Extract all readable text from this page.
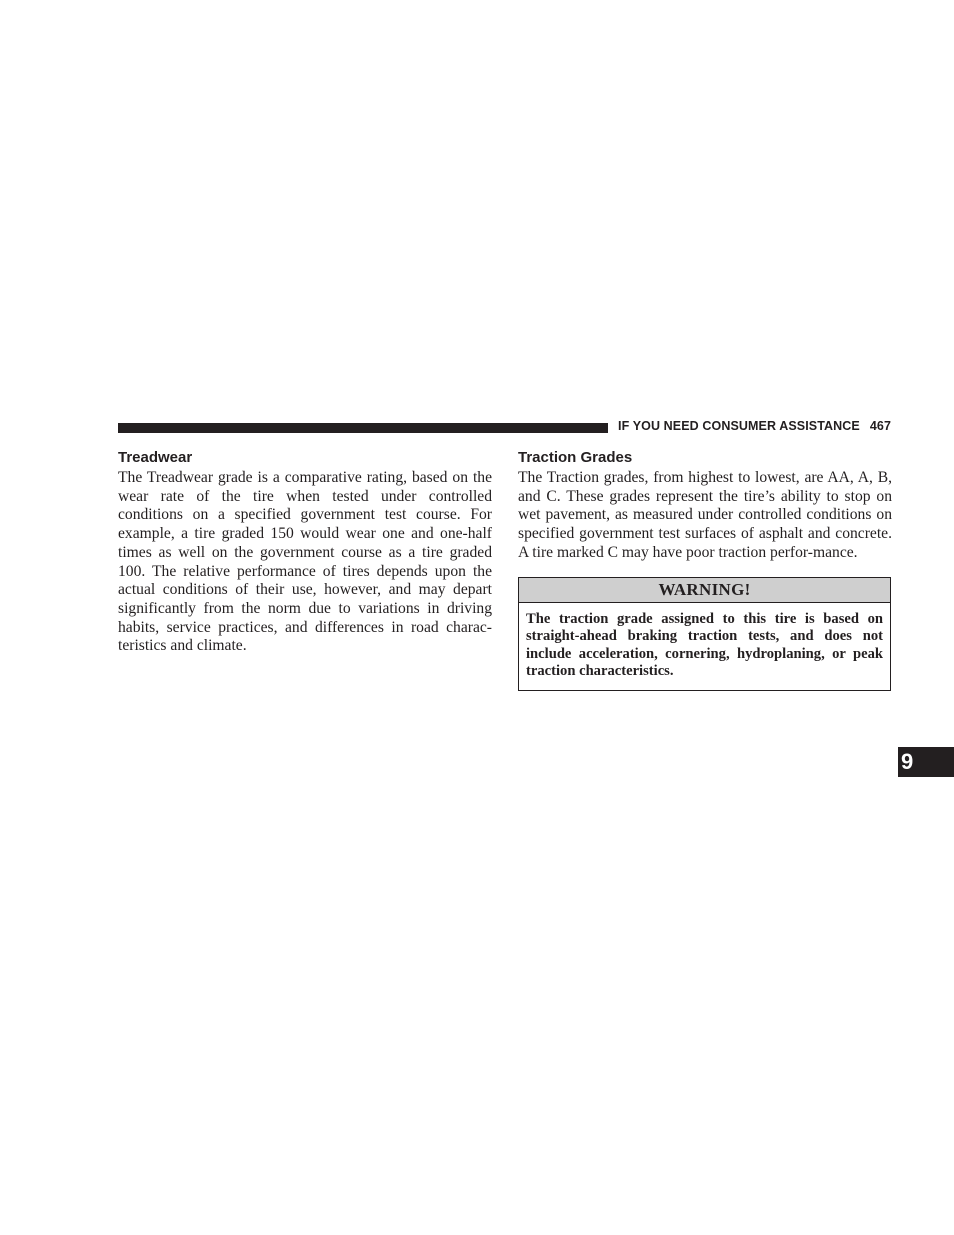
IF YOU NEED CONSUMER ASSISTANCE 467
Treadwear

The Treadwear grade is a comparative rating, based on the wear rate of the tire when tested under controlled conditions on a specified government test course. For example, a tire graded 150 would wear one and one-half times as well on the government course as a tire graded 100. The relative performance of tires depends upon the actual conditions of their use, however, and may depart significantly from the norm due to variations in driving habits, service practices, and differences in road charac-teristics and climate.

Traction Grades

The Traction grades, from highest to lowest, are AA, A, B, and C. These grades represent the tire’s ability to stop on wet pavement, as measured under controlled conditions on specified government test surfaces of asphalt and concrete. A tire marked C may have poor traction perfor-mance.

WARNING!
The traction grade assigned to this tire is based on straight-ahead braking traction tests, and does not include acceleration, cornering, hydroplaning, or peak traction characteristics.
9
